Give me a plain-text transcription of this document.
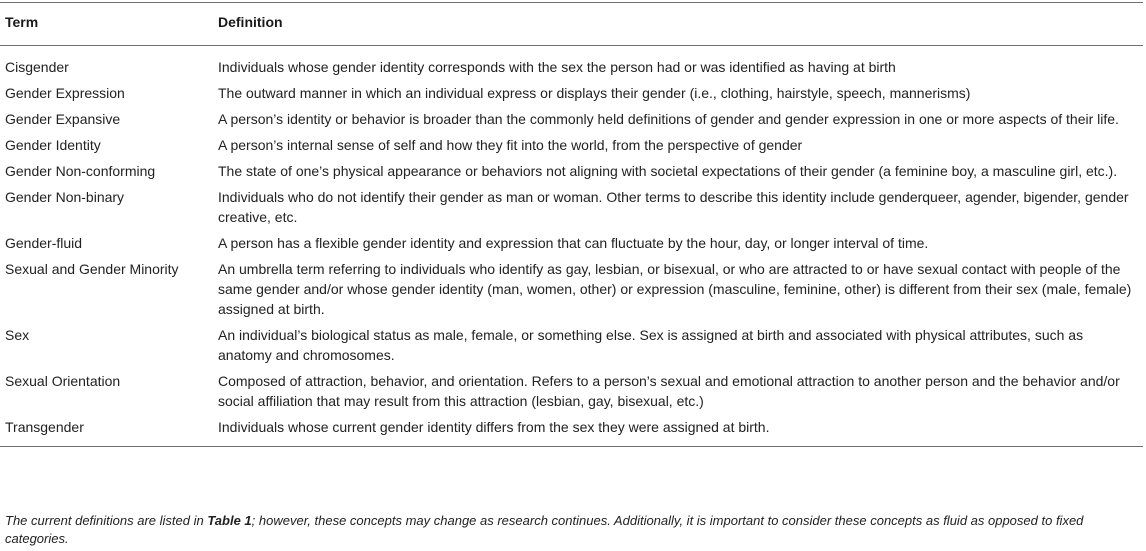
Term	Definition
Cisgender	Individuals whose gender identity corresponds with the sex the person had or was identified as having at birth
Gender Expression	The outward manner in which an individual express or displays their gender (i.e., clothing, hairstyle, speech, mannerisms)
Gender Expansive	A person’s identity or behavior is broader than the commonly held definitions of gender and gender expression in one or more aspects of their life.
Gender Identity	A person’s internal sense of self and how they fit into the world, from the perspective of gender
Gender Non-conforming	The state of one’s physical appearance or behaviors not aligning with societal expectations of their gender (a feminine boy, a masculine girl, etc.).
Gender Non-binary	Individuals who do not identify their gender as man or woman. Other terms to describe this identity include genderqueer, agender, bigender, gender creative, etc.
Gender-fluid	A person has a flexible gender identity and expression that can fluctuate by the hour, day, or longer interval of time.
Sexual and Gender Minority	An umbrella term referring to individuals who identify as gay, lesbian, or bisexual, or who are attracted to or have sexual contact with people of the same gender and/or whose gender identity (man, women, other) or expression (masculine, feminine, other) is different from their sex (male, female) assigned at birth.
Sex	An individual’s biological status as male, female, or something else. Sex is assigned at birth and associated with physical attributes, such as anatomy and chromosomes.
Sexual Orientation	Composed of attraction, behavior, and orientation. Refers to a person’s sexual and emotional attraction to another person and the behavior and/or social affiliation that may result from this attraction (lesbian, gay, bisexual, etc.)
Transgender	Individuals whose current gender identity differs from the sex they were assigned at birth.
The current definitions are listed in Table 1; however, these concepts may change as research continues. Additionally, it is important to consider these concepts as fluid as opposed to fixed categories.
